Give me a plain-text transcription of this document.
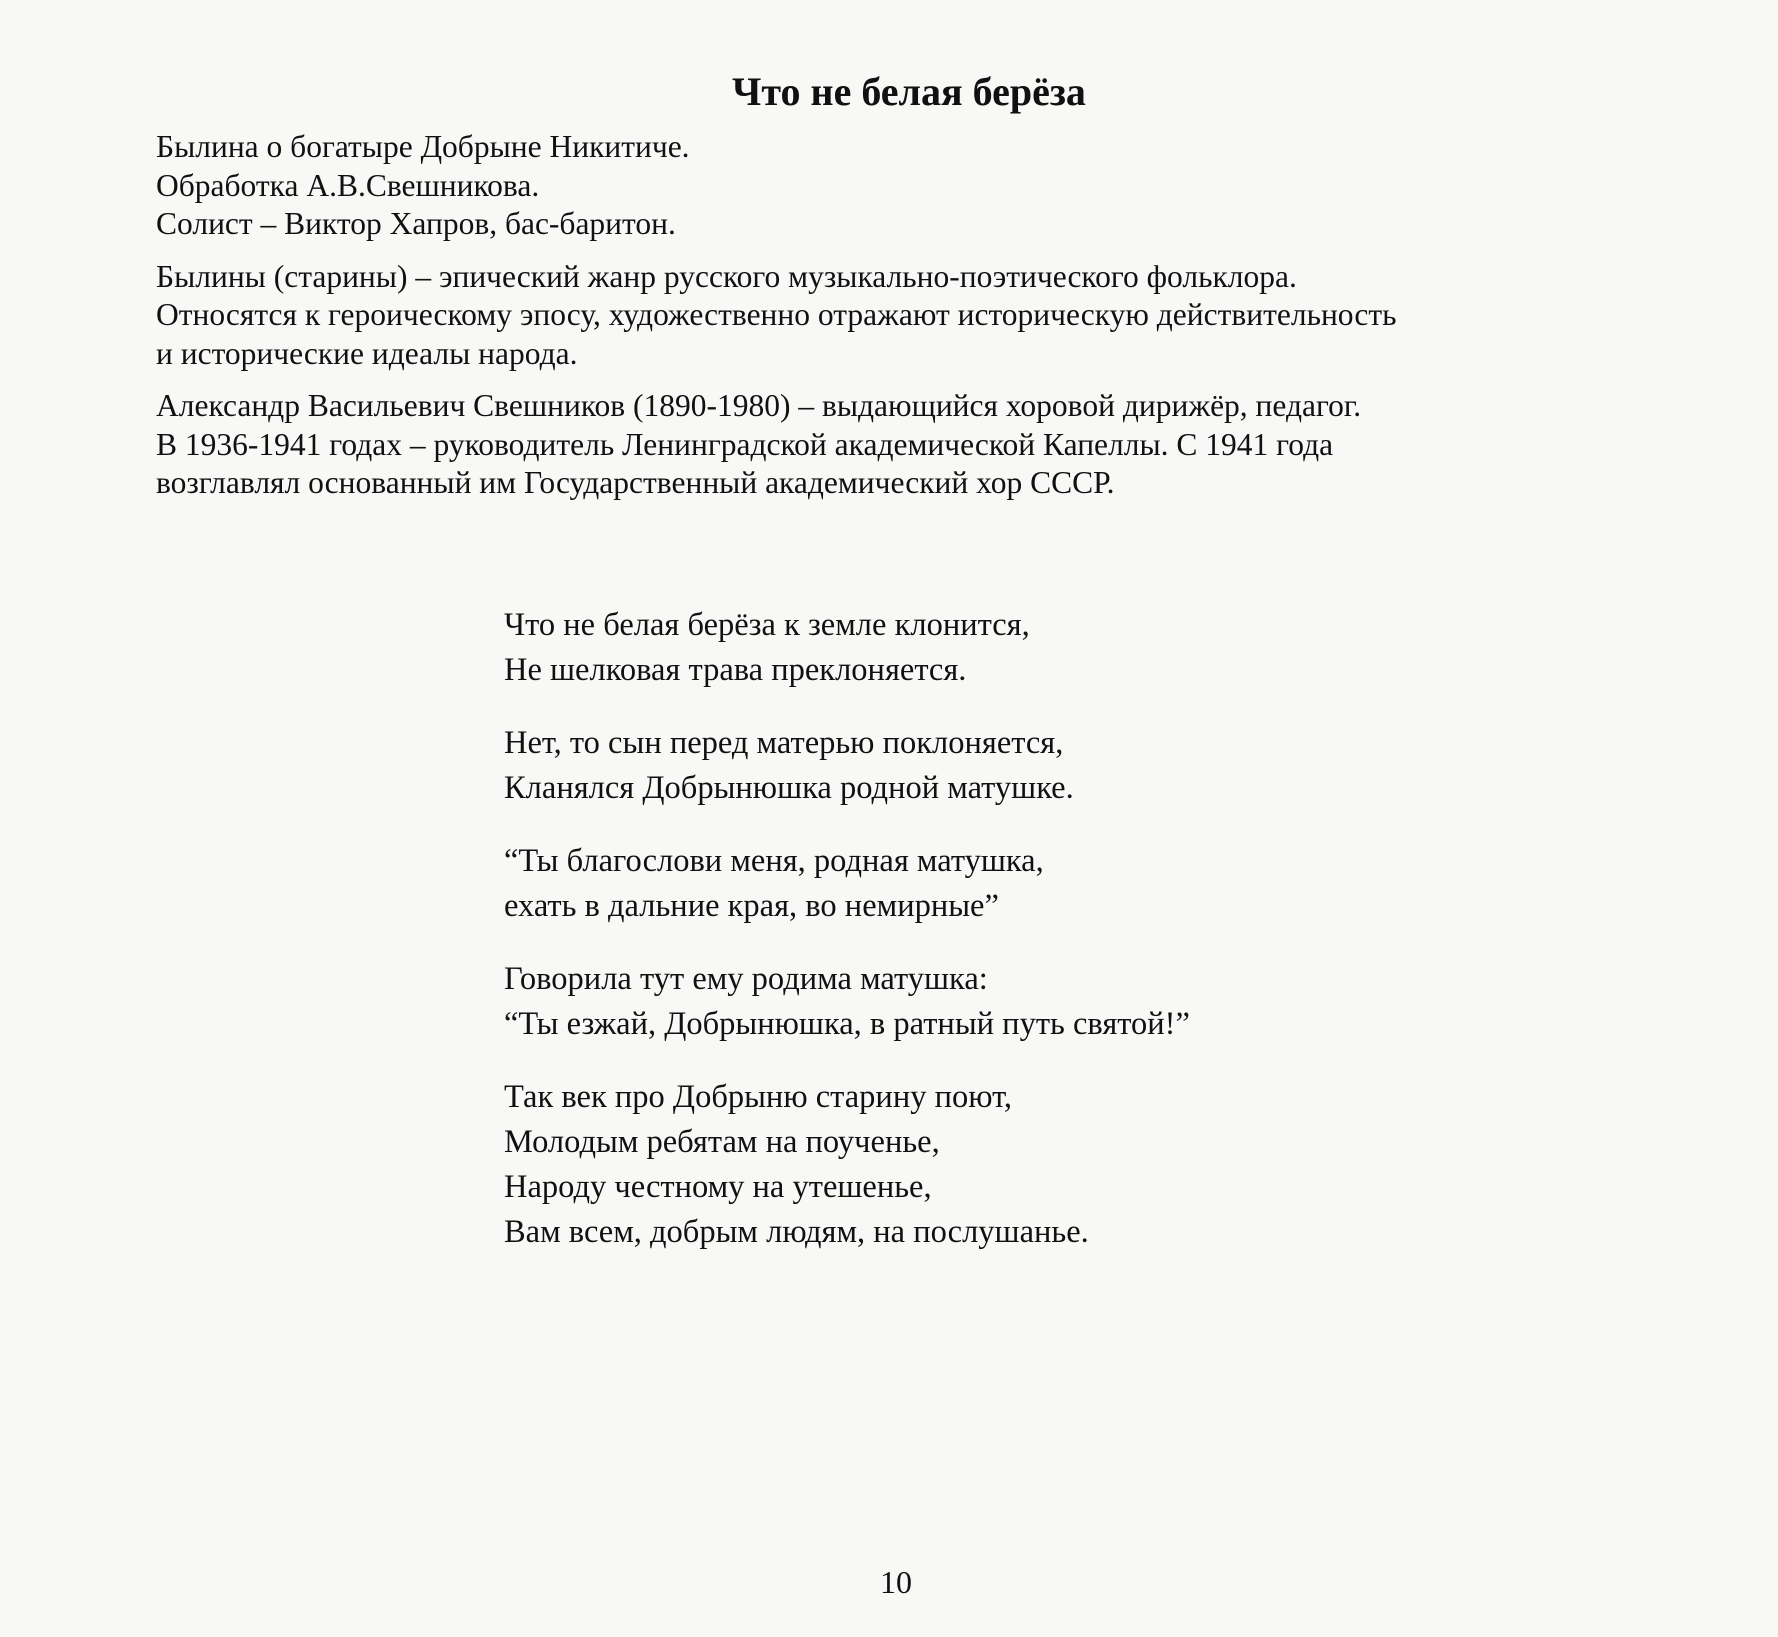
Что не белая берёза

Былина о богатыре Добрыне Никитиче.
Обработка А.В.Свешникова.
Солист – Виктор Хапров, бас-баритон.

Былины (старины) – эпический жанр русского музыкально-поэтического фольклора.
Относятся к героическому эпосу, художественно отражают историческую действительность
и исторические идеалы народа.

Александр Васильевич Свешников (1890-1980) – выдающийся хоровой дирижёр, педагог.
В 1936-1941 годах – руководитель Ленинградской академической Капеллы. С 1941 года
возглавлял основанный им Государственный академический хор СССР.

Что не белая берёза к земле клонится,
Не шелковая трава преклоняется.
Нет, то сын перед матерью поклоняется,
Кланялся Добрынюшка родной матушке.
“Ты благослови меня, родная матушка,
ехать в дальние края, во немирные”
Говорила тут ему родима матушка:
“Ты езжай, Добрынюшка, в ратный путь святой!”
Так век про Добрыню старину поют,
Молодым ребятам на поученье,
Народу честному на утешенье,
Вам всем, добрым людям, на послушанье.
10
